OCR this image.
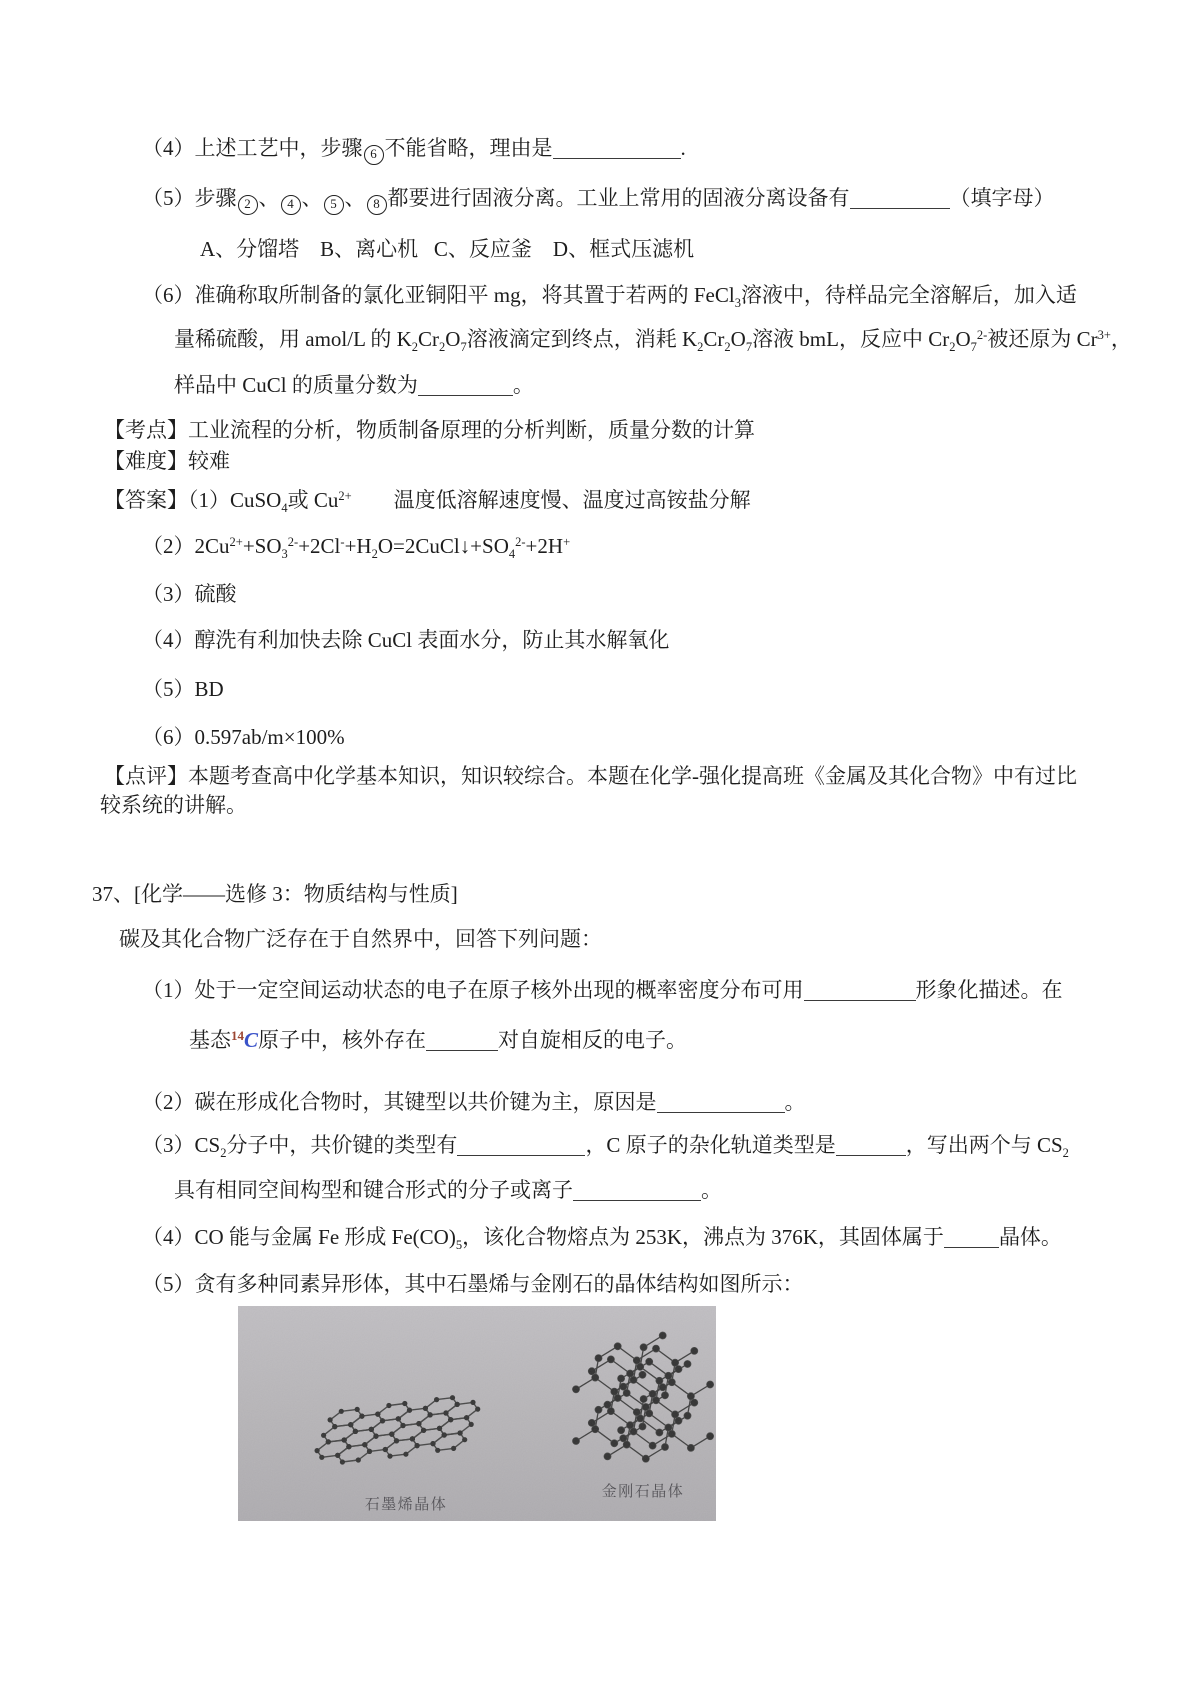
（4）上述工艺中，步骤 6 不能省略，理由是	.

（5）步骤 2 、 4 、 5 、 8 都要进行固液分离。工业上常用的固液分离设备有	（填字母）

A、分馏塔    B、离心机   C、反应釜    D、框式压滤机

（6）准确称取所制备的氯化亚铜阳平 mg，将其置于若两的 FeCl$_3$溶液中，待样品完全溶解后，加入适

量稀硫酸，用 amol/L 的 $K_2Cr_2O_7$溶液滴定到终点，消耗 $K_2Cr_2O_7$溶液 bmL，反应中 $Cr_2O_7^{2-}$被还原为 $Cr^{3+}$，

样品中 CuCl 的质量分数为	。

【考点】工业流程的分析，物质制备原理的分析判断，质量分数的计算

【难度】较难

【答案】（1）CuSO$_4$或 $Cu^{2+}$　　温度低溶解速度慢、温度过高铵盐分解

$(2)2Cu^{2+}+SO_3^{2-}+2Cl^-+H_2O=2CuCl↓+SO_4^{2-}+2H^+$

（3）硫酸

（4）醇洗有利加快去除 CuCl 表面水分，防止其水解氧化

（5）BD

（6）0.597ab/m×100%

【点评】本题考查高中化学基本知识，知识较综合。本题在化学-强化提高班《金属及其化合物》中有过比

较系统的讲解。

37、[化学——选修 3：物质结构与性质]

碳及其化合物广泛存在于自然界中，回答下列问题：

（1）处于一定空间运动状态的电子在原子核外出现的概率密度分布可用	形象化描述。在

基态$^{14}$C原子中，核外存在	对自旋相反的电子。

（2）碳在形成化合物时，其键型以共价键为主，原因是	。

$(3)CS_2$分子中，共价键的类型有	，C 原子的杂化轨道类型是	，写出两个与 $CS_2$

具有相同空间构型和键合形式的分子或离子	。

（4）CO 能与金属 Fe 形成 $Fe(CO)_5$，该化合物熔点为 253K，沸点为 376K，其固体属于	晶体。

（5）贪有多种同素异形体，其中石墨烯与金刚石的晶体结构如图所示：

石墨烯晶体
金刚石晶体
